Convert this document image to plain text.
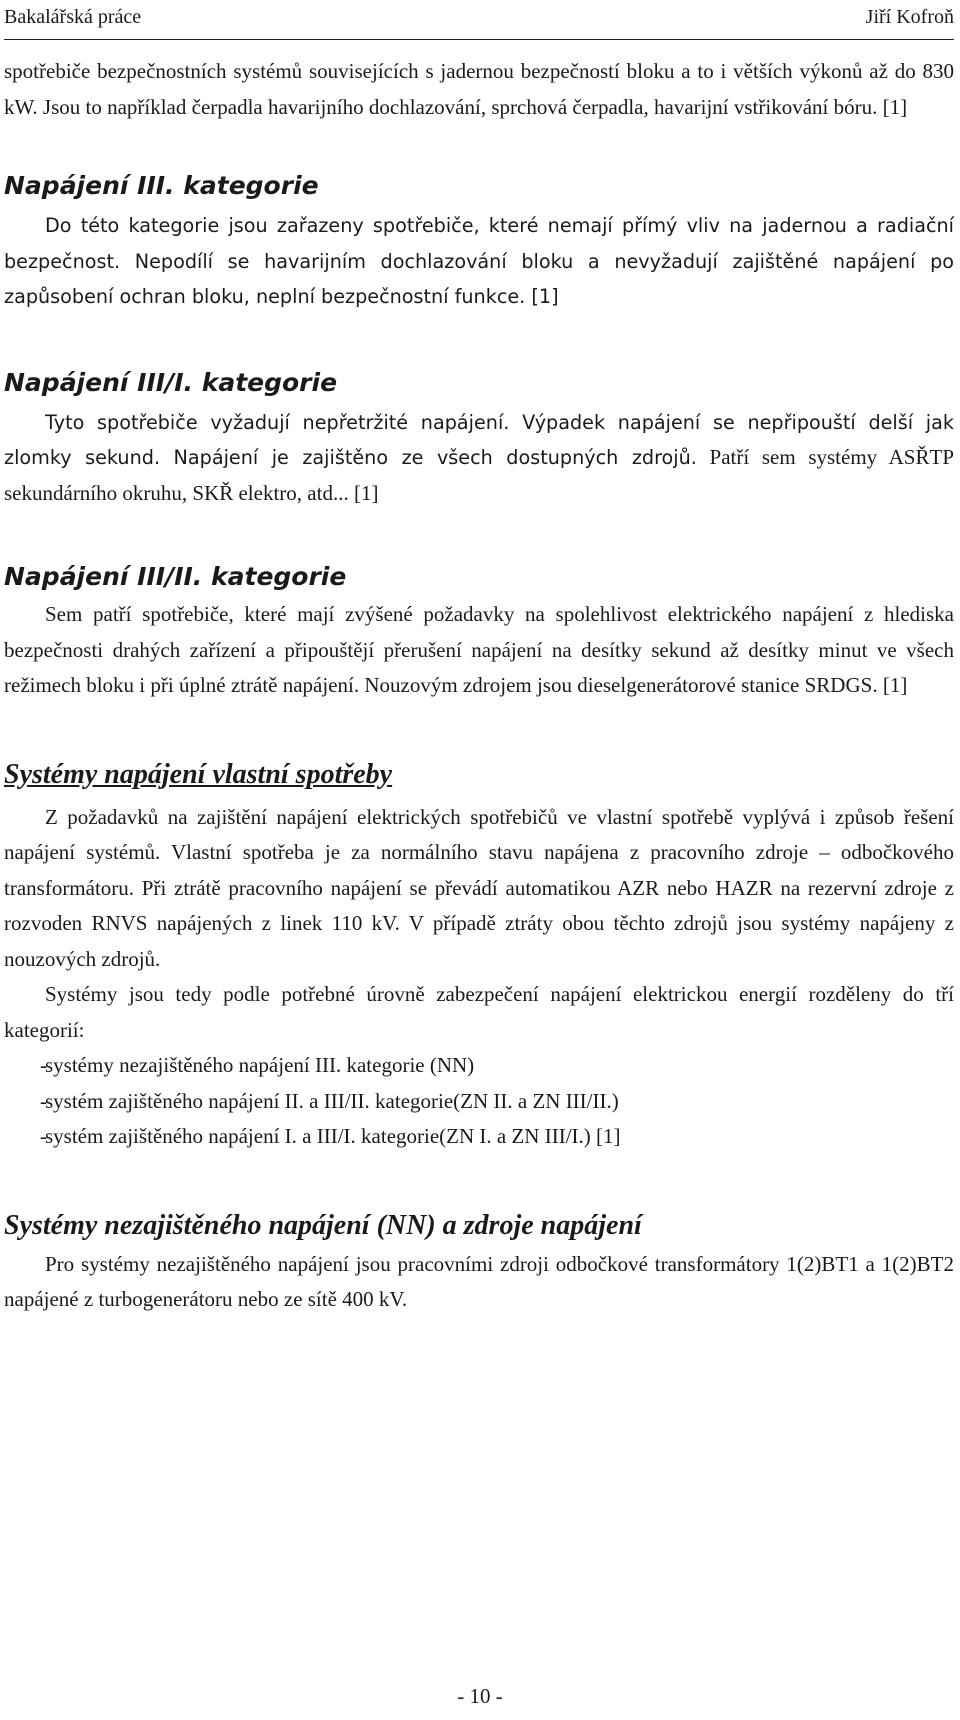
Bakalářská práce	Jiří Kofroň

spotřebiče bezpečnostních systémů souvisejících s jadernou bezpečností bloku a to i větších výkonů až do 830 kW. Jsou to například čerpadla havarijního dochlazování, sprchová čerpadla, havarijní vstřikování bóru. [1]

Napájení III. kategorie

Do této kategorie jsou zařazeny spotřebiče, které nemají přímý vliv na jadernou a radiační bezpečnost. Nepodílí se havarijním dochlazování bloku a nevyžadují zajištěné napájení po zapůsobení ochran bloku, neplní bezpečnostní funkce. [1]

Napájení III/I. kategorie

Tyto spotřebiče vyžadují nepřetržité napájení. Výpadek napájení se nepřipouští delší jak zlomky sekund. Napájení je zajištěno ze všech dostupných zdrojů. Patří sem systémy ASŘTP sekundárního okruhu, SKŘ elektro, atd... [1]

Napájení III/II. kategorie

Sem patří spotřebiče, které mají zvýšené požadavky na spolehlivost elektrického napájení z hlediska bezpečnosti drahých zařízení a připouštějí přerušení napájení na desítky sekund až desítky minut ve všech režimech bloku i při úplné ztrátě napájení. Nouzovým zdrojem jsou dieselgenerátorové stanice SRDGS. [1]

Systémy napájení vlastní spotřeby

Z požadavků na zajištění napájení elektrických spotřebičů ve vlastní spotřebě vyplývá i způsob řešení napájení systémů. Vlastní spotřeba je za normálního stavu napájena z pracovního zdroje – odbočkového transformátoru. Při ztrátě pracovního napájení se převádí automatikou AZR nebo HAZR na rezervní zdroje z rozvoden RNVS napájených z linek 110 kV. V případě ztráty obou těchto zdrojů jsou systémy napájeny z nouzových zdrojů.

Systémy jsou tedy podle potřebné úrovně zabezpečení napájení elektrickou energií rozděleny do tří kategorií:

- systémy nezajištěného napájení III. kategorie (NN)
- systém zajištěného napájení II. a III/II. kategorie(ZN II. a ZN III/II.)
- systém zajištěného napájení I. a III/I. kategorie(ZN I. a ZN III/I.) [1]
Systémy nezajištěného napájení (NN) a zdroje napájení

Pro systémy nezajištěného napájení jsou pracovními zdroji odbočkové transformátory 1(2)BT1 a 1(2)BT2 napájené z turbogenerátoru nebo ze sítě 400 kV.

- 10 -
